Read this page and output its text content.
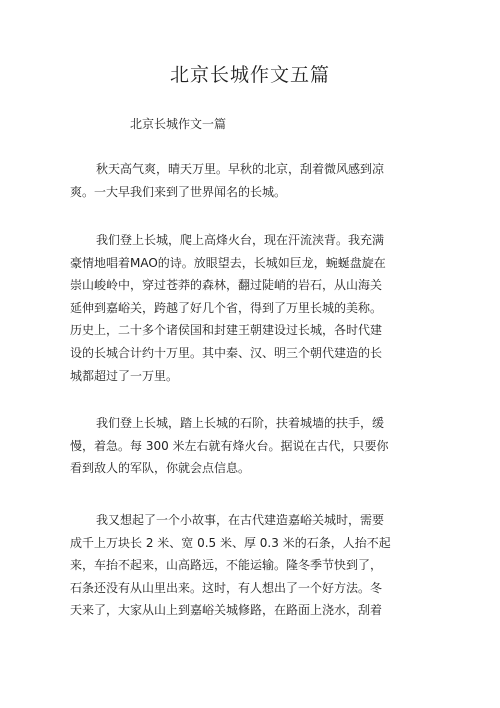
北京长城作文五篇
北京长城作文一篇
秋天高气爽，晴天万里。早秋的北京，刮着微风感到凉
爽。一大早我们来到了世界闻名的长城。
我们登上长城，爬上高烽火台，现在汗流浃背。我充满
豪情地唱着MAO的诗。放眼望去，长城如巨龙，蜿蜒盘旋在
崇山峻岭中，穿过苍莽的森林，翻过陡峭的岩石，从山海关
延伸到嘉峪关，跨越了好几个省，得到了万里长城的美称。
历史上，二十多个诸侯国和封建王朝建设过长城，各时代建
设的长城合计约十万里。其中秦、汉、明三个朝代建造的长
城都超过了一万里。
我们登上长城，踏上长城的石阶，扶着城墙的扶手，缓
慢，着急。每 300 米左右就有烽火台。据说在古代，只要你
看到敌人的军队，你就会点信息。
我又想起了一个小故事，在古代建造嘉峪关城时，需要
成千上万块长 2 米、宽 0.5 米、厚 0.3 米的石条，人抬不起
来，车抬不起来，山高路远，不能运输。隆冬季节快到了，
石条还没有从山里出来。这时，有人想出了一个好方法。冬
天来了，大家从山上到嘉峪关城修路，在路面上浇水，刮着
